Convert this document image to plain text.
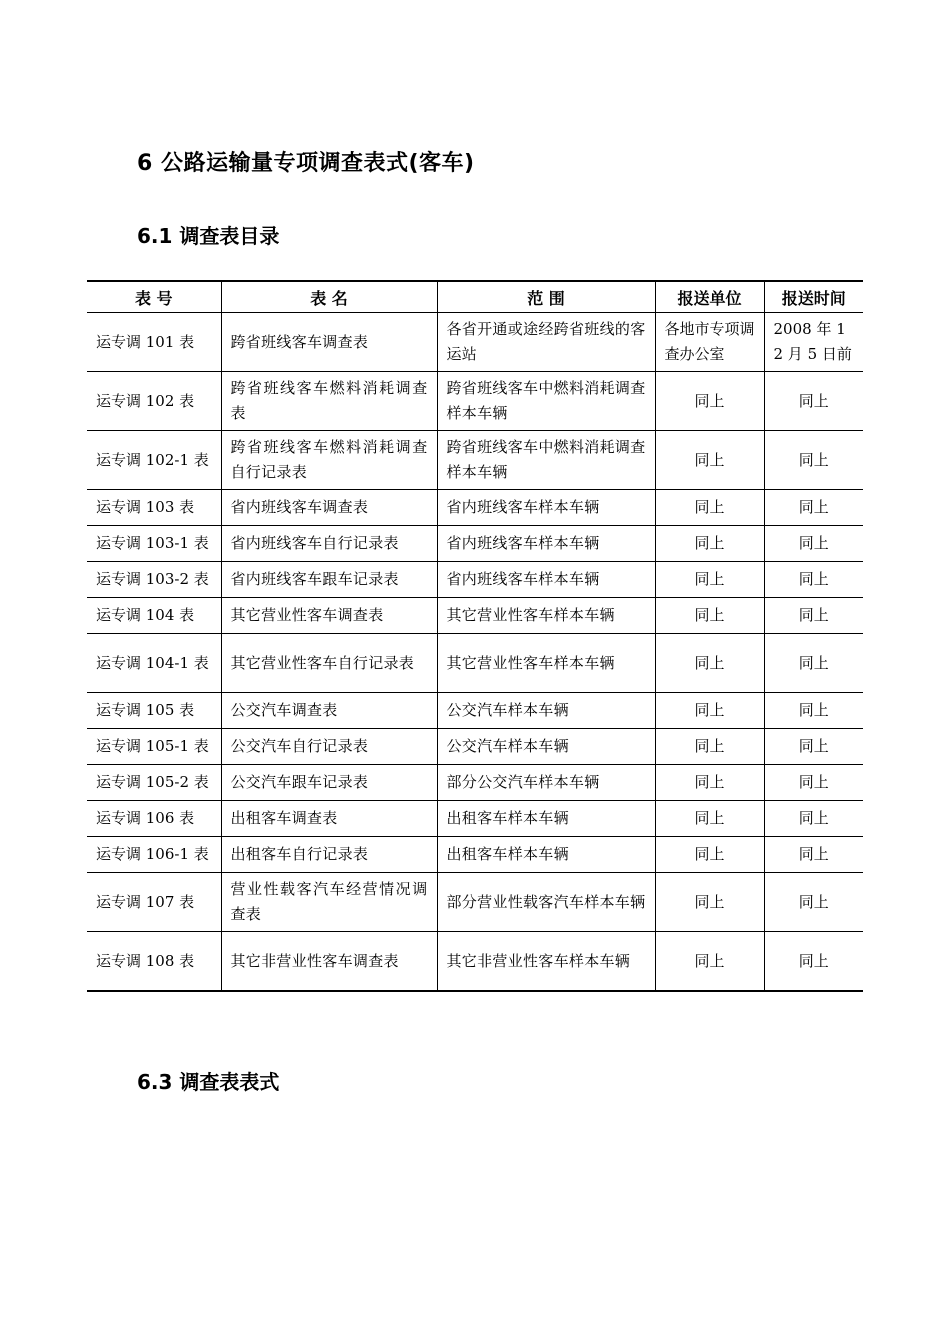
6 公路运输量专项调查表式(客车)
6.1 调查表目录
表 号	表 名	范 围	报送单位	报送时间
运专调 101 表	跨省班线客车调查表	各省开通或途经跨省班线的客运站	各地市专项调查办公室	2008 年 12 月 5 日前
运专调 102 表	跨省班线客车燃料消耗调查表	跨省班线客车中燃料消耗调查样本车辆	同上	同上
运专调 102-1 表	跨省班线客车燃料消耗调查自行记录表	跨省班线客车中燃料消耗调查样本车辆	同上	同上
运专调 103 表	省内班线客车调查表	省内班线客车样本车辆	同上	同上
运专调 103-1 表	省内班线客车自行记录表	省内班线客车样本车辆	同上	同上
运专调 103-2 表	省内班线客车跟车记录表	省内班线客车样本车辆	同上	同上
运专调 104 表	其它营业性客车调查表	其它营业性客车样本车辆	同上	同上
运专调 104-1 表	其它营业性客车自行记录表	其它营业性客车样本车辆	同上	同上
运专调 105 表	公交汽车调查表	公交汽车样本车辆	同上	同上
运专调 105-1 表	公交汽车自行记录表	公交汽车样本车辆	同上	同上
运专调 105-2 表	公交汽车跟车记录表	部分公交汽车样本车辆	同上	同上
运专调 106 表	出租客车调查表	出租客车样本车辆	同上	同上
运专调 106-1 表	出租客车自行记录表	出租客车样本车辆	同上	同上
运专调 107 表	营业性载客汽车经营情况调查表	部分营业性载客汽车样本车辆	同上	同上
运专调 108 表	其它非营业性客车调查表	其它非营业性客车样本车辆	同上	同上
6.3 调查表表式
